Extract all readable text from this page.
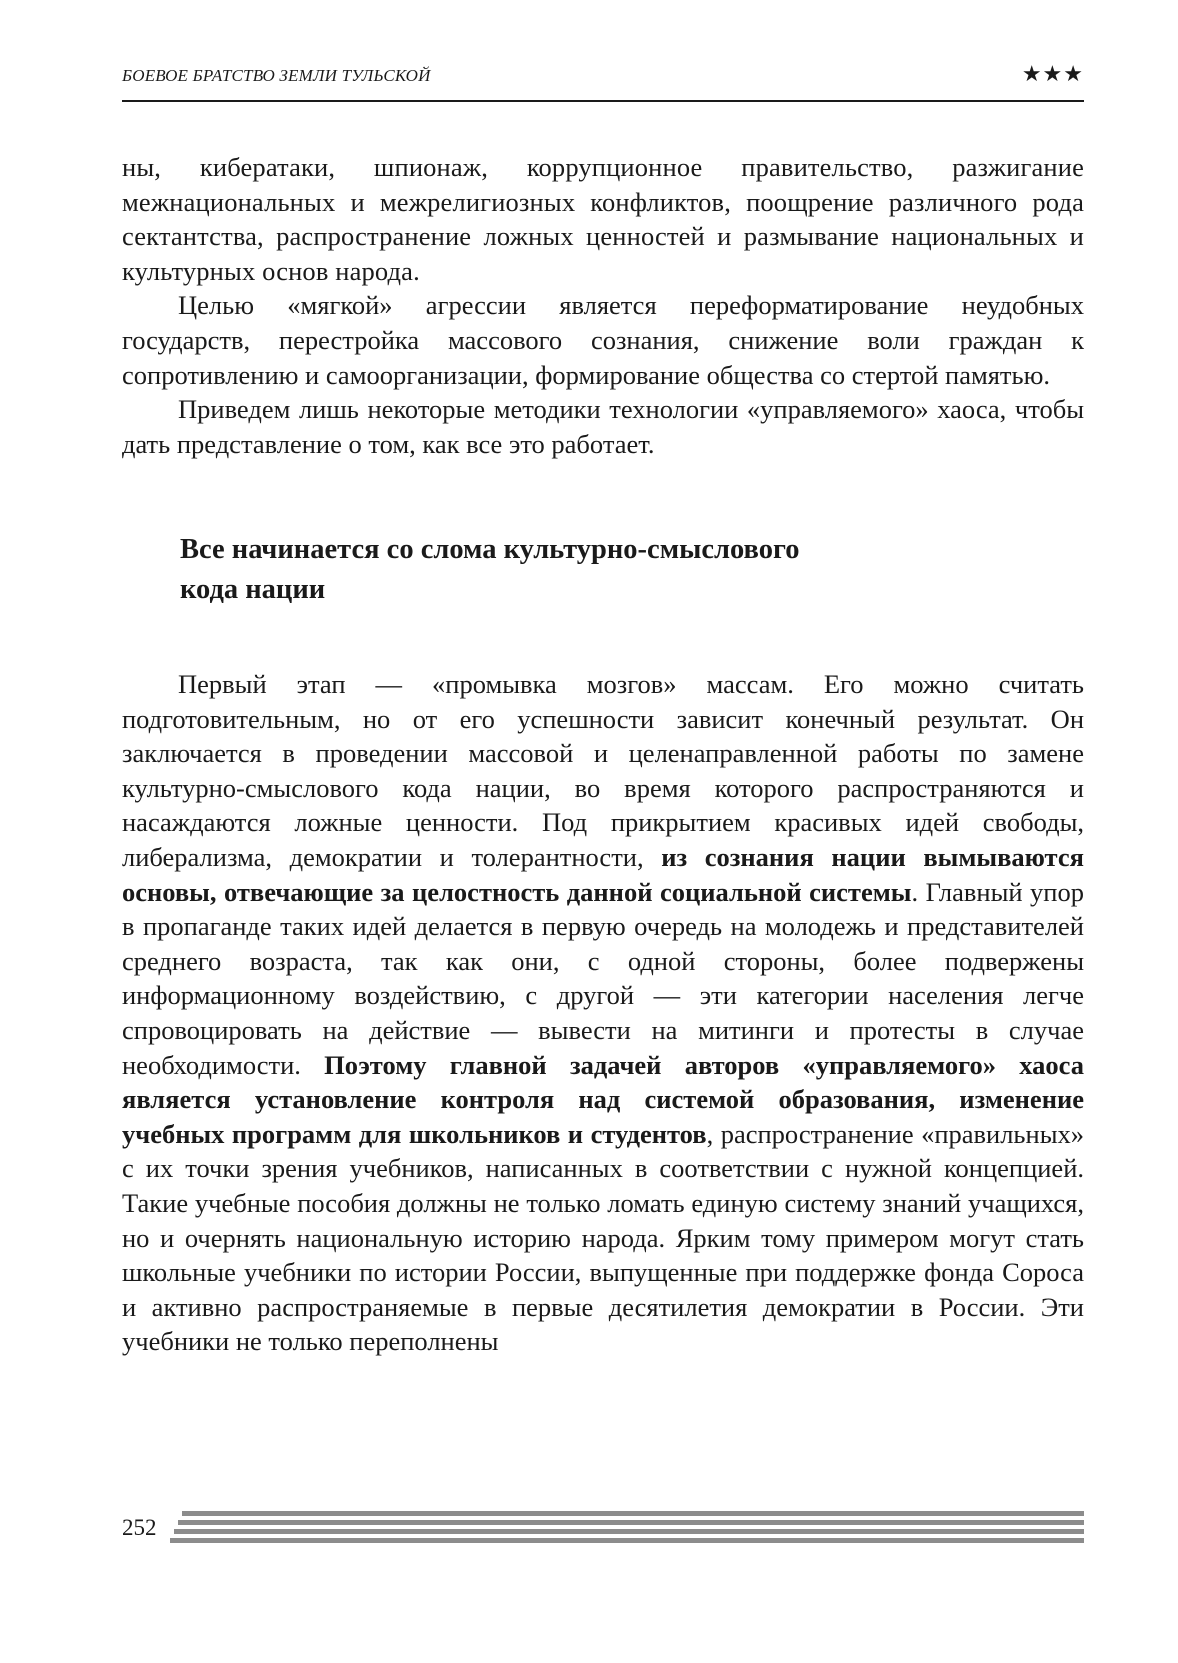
БОЕВОЕ БРАТСТВО ЗЕМЛИ ТУЛЬСКОЙ	★★★

ны, кибератаки, шпионаж, коррупционное правительство, разжигание межнациональных и межрелигиозных конфликтов, поощрение различного рода сектантства, распространение ложных ценностей и размывание национальных и культурных основ народа.

Целью «мягкой» агрессии является переформатирование неудобных государств, перестройка массового сознания, снижение воли граждан к сопротивлению и самоорганизации, формирование общества со стертой памятью.

Приведем лишь некоторые методики технологии «управляемого» хаоса, чтобы дать представление о том, как все это работает.

Все начинается со слома культурно-смыслового
кода нации

Первый этап — «промывка мозгов» массам. Его можно считать подготовительным, но от его успешности зависит конечный результат. Он заключается в проведении массовой и целенаправленной работы по замене культурно-смыслового кода нации, во время которого распространяются и насаждаются ложные ценности. Под прикрытием красивых идей свободы, либерализма, демократии и толерантности, из сознания нации вымываются основы, отвечающие за целостность данной социальной системы. Главный упор в пропаганде таких идей делается в первую очередь на молодежь и представителей среднего возраста, так как они, с одной стороны, более подвержены информационному воздействию, с другой — эти категории населения легче спровоцировать на действие — вывести на митинги и протесты в случае необходимости. Поэтому главной задачей авторов «управляемого» хаоса является установление контроля над системой образования, изменение учебных программ для школьников и студентов, распространение «правильных» с их точки зрения учебников, написанных в соответствии с нужной концепцией. Такие учебные пособия должны не только ломать единую систему знаний учащихся, но и очернять национальную историю народа. Ярким тому примером могут стать школьные учебники по истории России, выпущенные при поддержке фонда Сороса и активно распространяемые в первые десятилетия демократии в России. Эти учебники не только переполнены

252
